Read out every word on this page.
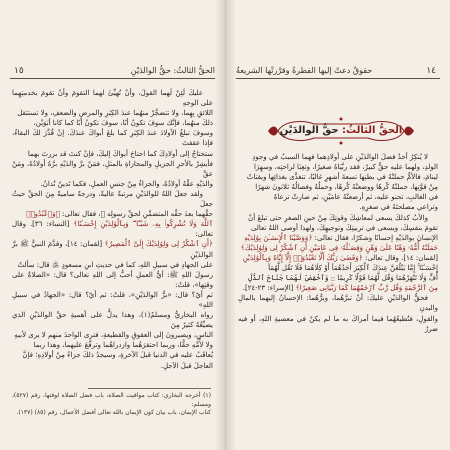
١٥	الحقُّ الثالثُ: حقُّ الوالدَيْنِ
عليكَ لَئِنْ لَهما القولَ، وأنْ تُهيِّئَ لهما التقومَ وأنْ تقومَ بخدمتِهِما على الوجهِ
اللائقِ بِهِما، ولا تتضجَّرْ منهُما عندَ الكِبَرِ والمرضِ والضعفِ، ولا تستثقل
ذلكَ منهُما، فإنَّك سوفَ تكونُ أبًا، سوفَ تكونُ أبًا كما كانا أبَوَيْن،
وسوفَ تبلغُ الأولادَ عندَ الكِبَرِ كما بلغَ أبواكَ عندَكَ. إنْ قُدِّرَ لكَ البقاءُ، فإذا عققتَ
ستحتاجُ إلى أولادِكَ كما احتاجَ أبواكَ إليكَ، فإنْ كنتَ قد بررتَ بهما
فأبشِرْ بالأجرِ الجزيلِ والمجازاةِ بالمثلِ، فمَنْ برَّ والدَيْهِ برَّهُ أولادُهُ، ومَنْ عقَّ
والدَيْهِ عقَّهُ أولادُهُ، والجزاءُ مِنْ جنسِ العملِ، فكما تَدينُ تُدانُ.
ولقد جعلَ اللهُ للوالدَيْنِ مرتبةً عاليةً، ودرجةً ساميةً مِنَ الحقِّ حيثُ جعلَ
حقَّهما بعدَ حقِّه المتضمِّنِ لحقِّ رسولِه ﷺ، فقال تعالى: ﴿وَٱعْبُدُوا۟
ٱللَّهَ وَلَا تُشْرِكُوا۟ بِهِۦ شَيْـًٔا ۖ وَبِٱلْوَٰلِدَيْنِ إِحْسَـٰنًا﴾ [النساء: ٣٦]. وقال تعالى:
﴿أَنِ ٱشْكُرْ لِى وَلِوَٰلِدَيْكَ إِلَىَّ ٱلْمَصِيرُ﴾ [لقمان: ١٤]، وقدَّمَ النبيُّ ﷺ برَّ الوالدَيْنِ
على الجهادِ في سبيلِ اللهِ، كما في حديثِ ابنِ مسعودٍ ﵁ قال: سألتُ
رسولَ اللهِ ﷺ: أيُّ العملِ أحبُّ إلى اللهِ تعالى؟ قال: «الصلاةُ على وقتِها»، قلتُ:
ثم أيّ؟ قال: «برُّ الوالدَيْنِ»، قلتُ: ثم أيّ؟ قال: «الجهادُ في سبيلِ اللهِ»
رواه البخاريُّ ومسلمٌ(١)، وهذا يدلُّ على أهميةِ حقِّ الوالدَيْنِ الذي يضيِّعُهُ كثيرٌ مِنَ
الناسِ، ويصيرونَ إلى العقوقِ والقطيعةِ، فترى الواحدَ منهم لا يرى لأبيهِ
ولا لأُمِّهِ حقًّا، وربما احتقرَهُما وازدراهُما وترفَّعَ عليهما، وهذا ربما
يُعاقَبُ عليه في الدنيا قبلَ الآخرةِ، وسيجدُ ذلكَ جزاءً مِنْ أولادِهِ؛ فإنَّ
العاجلَ قبلَ الآجلِ.
(١) أخرجه البخاري: كتاب مواقيت الصلاة، باب فضل الصلاة لوقتها، رقم (٥٢٧)، ومسلم:
كتاب الإيمان، باب بيان كون الإيمان بالله تعالى أفضل الأعمال، رقم (٨٥) (١٣٧).
حقوقٌ دعتْ إليها الفطرةُ وقرَّرتْها الشريعةُ	١٤
الحقُّ الثالثُ: حقُّ الوالدَيْنِ
لا يُنكِرُ أحدٌ فضلَ الوالدَيْنِ على أولادِهما فهما السببُ في وجودِ
الولدِ، ولهما عليه حقٌّ كبيرٌ، فقد ربَّيَاهُ صغيرًا، وتعِبَا لراحتِه، وسهِرَا
لينامَ، فالأمُّ حملتْهُ في بطنِها تسعةَ أشهرٍ غالبًا، تتغذَّى بغذائِها ويقتاتُ
مِنْ قوَّتِها، حملتْهُ كُرهًا ووضعتْهُ كُرهًا، وحملُهُ وفصالُهُ ثلاثونَ شهرًا
في الغالبِ، تحنو عليه، ثم أرضعتْهُ عامَيْنِ، ثم صارتْ ترعاهُ
وتراعي مصلحتَهُ في صغرِهِ.
والأبُ كذلكَ يسعى لمعاشِكَ وقوتِكَ مِنْ حينِ الصغرِ حتى تبلغَ أنْ
تقومَ بنفسِكَ، ويسعى في تربيتِكَ وتوجيهِكَ، ولهذا أوصى اللهُ تعالى
الإنسانَ بوالدَيْهِ إحسانًا وشكرًا، فقال تعالى: ﴿وَوَصَّيْنَا ٱلْإِنسَـٰنَ بِوَٰلِدَيْهِ
حَمَلَتْهُ أُمُّهُۥ وَهْنًا عَلَىٰ وَهْنٍ وَفِصَـٰلُهُۥ فِى عَامَيْنِ أَنِ ٱشْكُرْ لِى وَلِوَٰلِدَيْكَ﴾
[لقمان: ١٤]، وقال تعالى: ﴿وَقَضَىٰ رَبُّكَ أَلَّا تَعْبُدُوٓا۟ إِلَّآ إِيَّاهُ وَبِٱلْوَٰلِدَيْنِ
إِحْسَـٰنًا ۚ إِمَّا يَبْلُغَنَّ عِندَكَ ٱلْكِبَرَ أَحَدُهُمَآ أَوْ كِلَاهُمَا فَلَا تَقُل لَّهُمَآ
أُفٍّ وَلَا تَنْهَرْهُمَا وَقُل لَّهُمَا قَوْلًا كَرِيمًا ۝ وَٱخْفِضْ لَهُمَا جَنَاحَ ٱلذُّلِّ
مِنَ ٱلرَّحْمَةِ وَقُل رَّبِّ ٱرْحَمْهُمَا كَمَا رَبَّيَانِى صَغِيرًا﴾ [الإسراء: ٢٣-٢٤].
فحقُّ الوالدَيْنِ عليكَ: أنْ تبرَّهُما، وبرُّهُما: الإحسانُ إليهما بالمالِ والبدنِ
والقولِ، فتُطيعُهُما فيما أمراكَ به ما لم يكنْ في معصيةِ اللهِ، أو فيه ضررٌ
